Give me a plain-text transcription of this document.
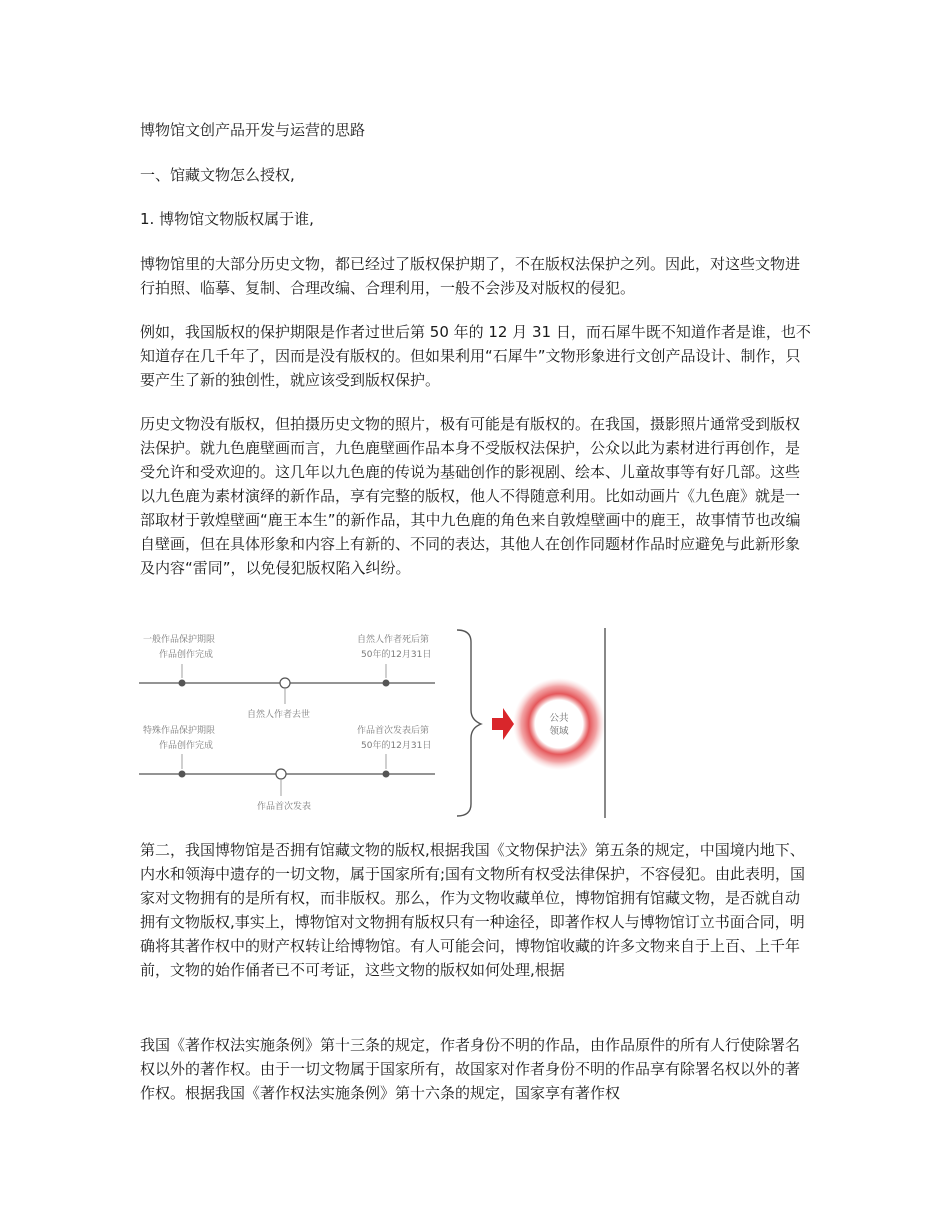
博物馆文创产品开发与运营的思路
一、馆藏文物怎么授权,
1. 博物馆文物版权属于谁,
博物馆里的大部分历史文物，都已经过了版权保护期了，不在版权法保护之列。因此，对这些文物进行拍照、临摹、复制、合理改编、合理利用，一般不会涉及对版权的侵犯。
例如，我国版权的保护期限是作者过世后第 50 年的 12 月 31 日，而石犀牛既不知道作者是谁，也不知道存在几千年了，因而是没有版权的。但如果利用“石犀牛”文物形象进行文创产品设计、制作，只要产生了新的独创性，就应该受到版权保护。
历史文物没有版权，但拍摄历史文物的照片，极有可能是有版权的。在我国，摄影照片通常受到版权法保护。就九色鹿壁画而言，九色鹿壁画作品本身不受版权法保护，公众以此为素材进行再创作，是受允许和受欢迎的。这几年以九色鹿的传说为基础创作的影视剧、绘本、儿童故事等有好几部。这些以九色鹿为素材演绎的新作品，享有完整的版权，他人不得随意利用。比如动画片《九色鹿》就是一部取材于敦煌壁画“鹿王本生”的新作品，其中九色鹿的角色来自敦煌壁画中的鹿王，故事情节也改编自壁画，但在具体形象和内容上有新的、不同的表达，其他人在创作同题材作品时应避免与此新形象及内容“雷同”，以免侵犯版权陷入纠纷。
一般作品保护期限
作品创作完成
自然人作者死后第
50年的12月31日
自然人作者去世
特殊作品保护期限
作品创作完成
作品首次发表后第
50年的12月31日
作品首次发表
公共
领域
第二，我国博物馆是否拥有馆藏文物的版权,根据我国《文物保护法》第五条的规定，中国境内地下、内水和领海中遗存的一切文物，属于国家所有;国有文物所有权受法律保护，不容侵犯。由此表明，国家对文物拥有的是所有权，而非版权。那么，作为文物收藏单位，博物馆拥有馆藏文物，是否就自动拥有文物版权,事实上，博物馆对文物拥有版权只有一种途径，即著作权人与博物馆订立书面合同，明确将其著作权中的财产权转让给博物馆。有人可能会问，博物馆收藏的许多文物来自于上百、上千年前，文物的始作俑者已不可考证，这些文物的版权如何处理,根据
我国《著作权法实施条例》第十三条的规定，作者身份不明的作品，由作品原件的所有人行使除署名权以外的著作权。由于一切文物属于国家所有，故国家对作者身份不明的作品享有除署名权以外的著作权。根据我国《著作权法实施条例》第十六条的规定，国家享有著作权
